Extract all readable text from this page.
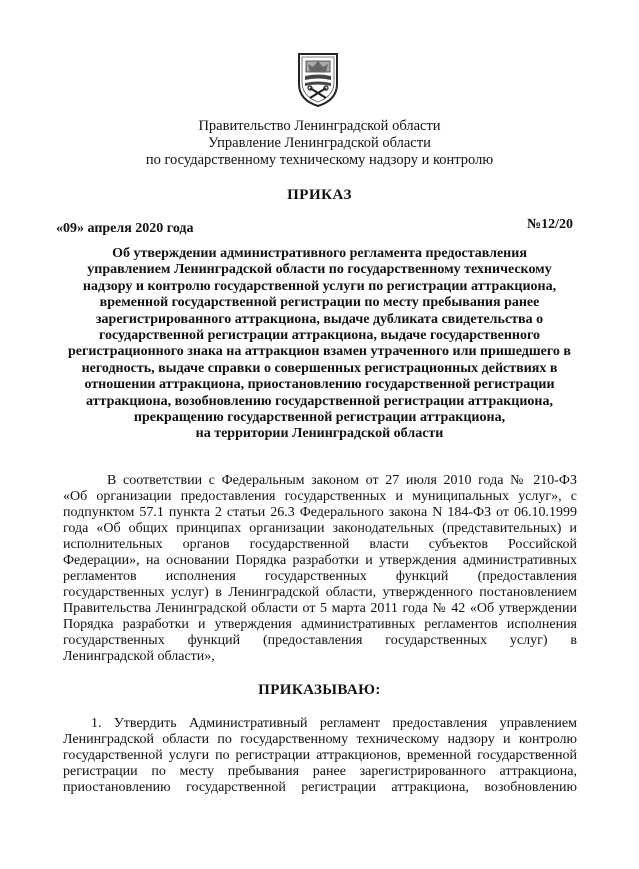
Правительство Ленинградской области
Управление Ленинградской области
по государственному техническому надзору и контролю
ПРИКАЗ
«09» апреля 2020 года	№12/20
Об утверждении административного регламента предоставления
управлением Ленинградской области по государственному техническому
надзору и контролю государственной услуги по регистрации аттракциона,
временной государственной регистрации по месту пребывания ранее
зарегистрированного аттракциона, выдаче дубликата свидетельства о
государственной регистрации аттракциона, выдаче государственного
регистрационного знака на аттракцион взамен утраченного или пришедшего в
негодность, выдаче справки о совершенных регистрационных действиях в
отношении аттракциона, приостановлению государственной регистрации
аттракциона, возобновлению государственной регистрации аттракциона,
прекращению государственной регистрации аттракциона,
на территории Ленинградской области
В соответствии с Федеральным законом от 27 июля 2010 года № 210-ФЗ
«Об организации предоставления государственных и муниципальных услуг», с
подпунктом 57.1 пункта 2 статьи 26.3 Федерального закона N 184-ФЗ от 06.10.1999
года «Об общих принципах организации законодательных (представительных) и
исполнительных органов государственной власти субъектов Российской
Федерации», на основании Порядка разработки и утверждения административных
регламентов исполнения государственных функций (предоставления
государственных услуг) в Ленинградской области, утвержденного постановлением
Правительства Ленинградской области от 5 марта 2011 года № 42 «Об утверждении
Порядка разработки и утверждения административных регламентов исполнения
государственных функций (предоставления государственных услуг) в
Ленинградской области»,
ПРИКАЗЫВАЮ:
1. Утвердить Административный регламент предоставления управлением
Ленинградской области по государственному техническому надзору и контролю
государственной услуги по регистрации аттракционов, временной государственной
регистрации по месту пребывания ранее зарегистрированного аттракциона,
приостановлению государственной регистрации аттракциона, возобновлению
